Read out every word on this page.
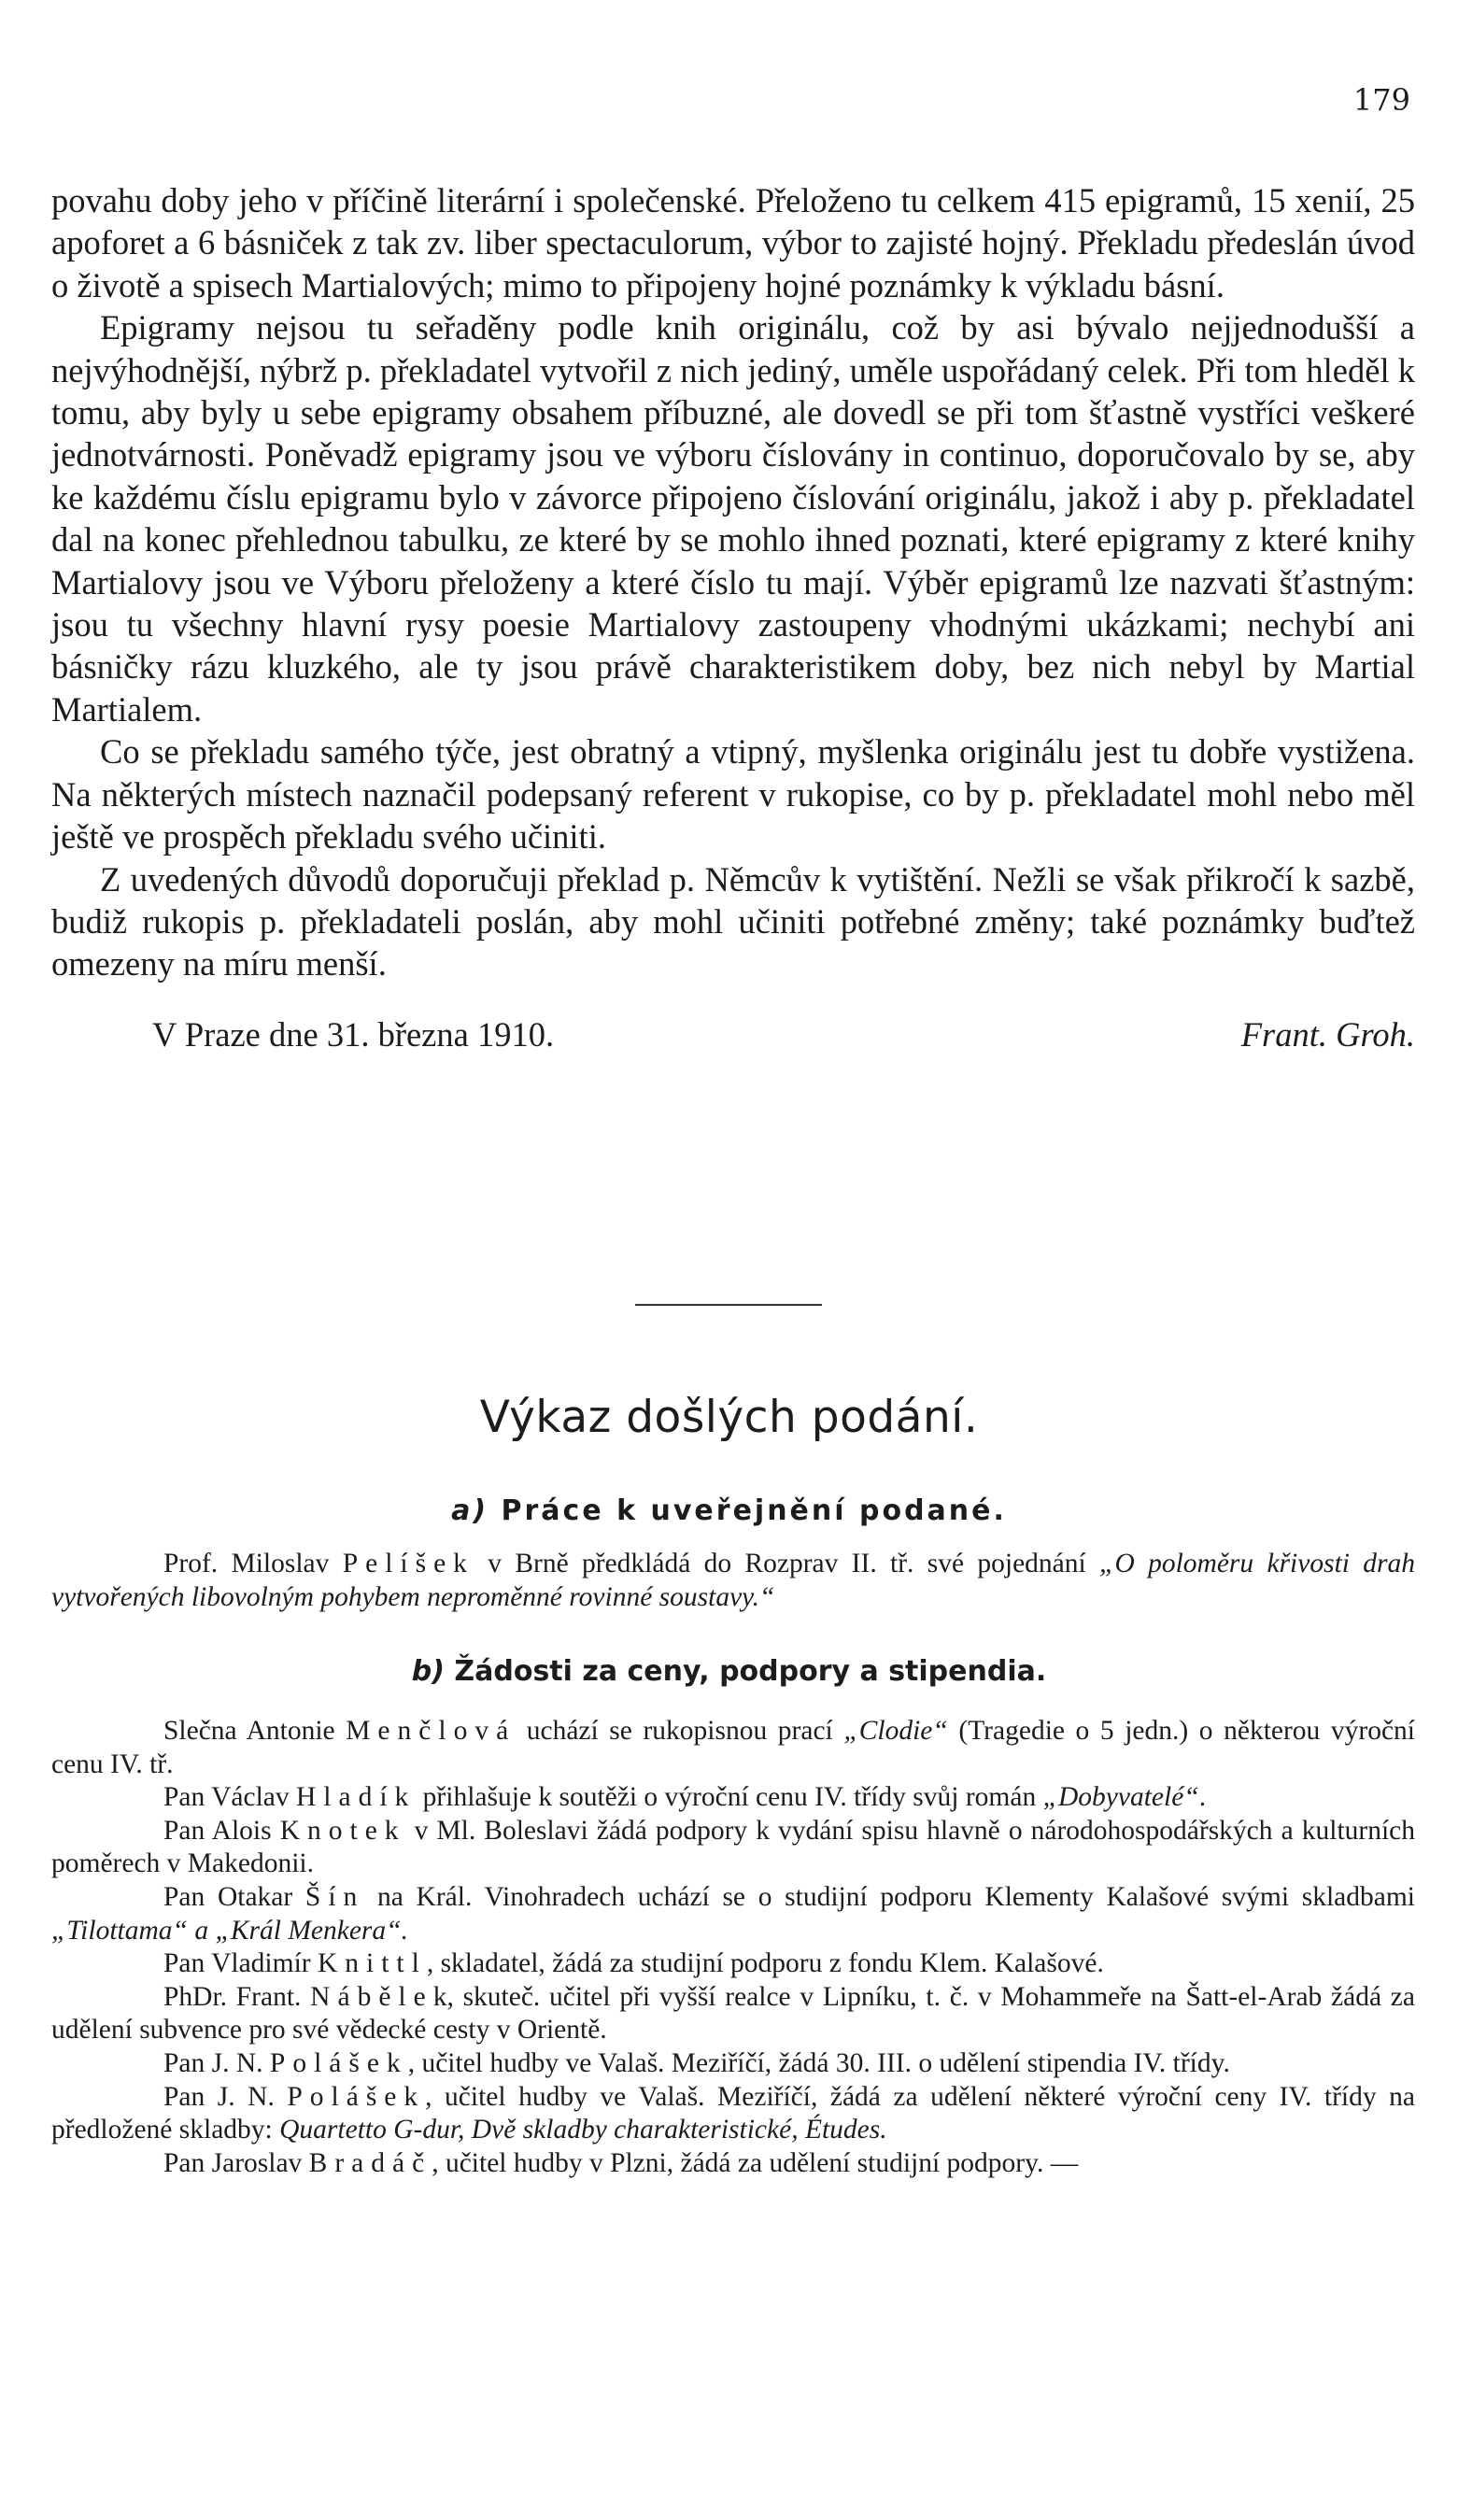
179

povahu doby jeho v příčině literární i společenské. Přeloženo tu celkem 415 epigramů, 15 xenií, 25 apoforet a 6 básniček z tak zv. liber spectaculorum, výbor to zajisté hojný. Překladu předeslán úvod o životě a spisech Martialových; mimo to připojeny hojné poznámky k výkladu básní.

Epigramy nejsou tu seřaděny podle knih originálu, což by asi bývalo nejjednodušší a nejvýhodnější, nýbrž p. překladatel vytvořil z nich jediný, uměle uspořádaný celek. Při tom hleděl k tomu, aby byly u sebe epigramy obsahem příbuzné, ale dovedl se při tom šťastně vystříci veškeré jednotvárnosti. Poněvadž epigramy jsou ve výboru číslovány in continuo, doporučovalo by se, aby ke každému číslu epigramu bylo v závorce připojeno číslování originálu, jakož i aby p. překladatel dal na konec přehlednou tabulku, ze které by se mohlo ihned poznati, které epigramy z které knihy Martialovy jsou ve Výboru přeloženy a které číslo tu mají. Výběr epigramů lze nazvati šťastným: jsou tu všechny hlavní rysy poesie Martialovy zastoupeny vhodnými ukázkami; nechybí ani básničky rázu kluzkého, ale ty jsou právě charakteristikem doby, bez nich nebyl by Martial Martialem.

Co se překladu samého týče, jest obratný a vtipný, myšlenka originálu jest tu dobře vystižena. Na některých místech naznačil podepsaný referent v rukopise, co by p. překladatel mohl nebo měl ještě ve prospěch překladu svého učiniti.

Z uvedených důvodů doporučuji překlad p. Němcův k vytištění. Nežli se však přikročí k sazbě, budiž rukopis p. překladateli poslán, aby mohl učiniti potřebné změny; také poznámky buďtež omezeny na míru menší.

V Praze dne 31. března 1910.	Frant. Groh.
Výkaz došlých podání.
a) Práce k uveřejnění podané.

Prof. Miloslav Pelíšek v Brně předkládá do Rozprav II. tř. své pojednání „O poloměru křivosti drah vytvořených libovolným pohybem neproměnné rovinné soustavy.“

b) Žádosti za ceny, podpory a stipendia.

Slečna Antonie Menčlová uchází se rukopisnou prací „Clodie“ (Tragedie o 5 jedn.) o některou výroční cenu IV. tř.

Pan Václav Hladík přihlašuje k soutěži o výroční cenu IV. třídy svůj román „Dobyvatelé“.

Pan Alois Knotek v Ml. Boleslavi žádá podpory k vydání spisu hlavně o národohospodářských a kulturních poměrech v Makedonii.

Pan Otakar Šín na Král. Vinohradech uchází se o studijní podporu Klementy Kalašové svými skladbami „Tilottama“ a „Král Menkera“.

Pan Vladimír Knittl, skladatel, žádá za studijní podporu z fondu Klem. Kalašové.

PhDr. Frant. Nábělek, skuteč. učitel při vyšší realce v Lipníku, t. č. v Mohammeře na Šatt-el-Arab žádá za udělení subvence pro své vědecké cesty v Orientě.

Pan J. N. Polášek, učitel hudby ve Valaš. Meziříčí, žádá 30. III. o udělení stipendia IV. třídy.

Pan J. N. Polášek, učitel hudby ve Valaš. Meziříčí, žádá za udělení některé výroční ceny IV. třídy na předložené skladby: Quartetto G-dur, Dvě skladby charakteristické, Études.

Pan Jaroslav Bradáč, učitel hudby v Plzni, žádá za udělení studijní podpory. —
